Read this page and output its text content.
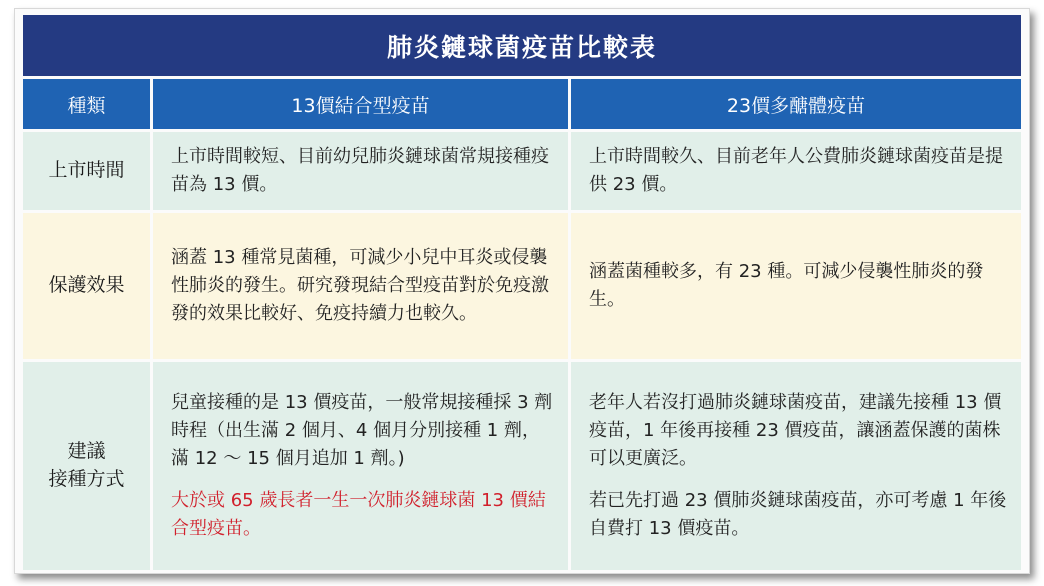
肺炎鏈球菌疫苗比較表
種類	13價結合型疫苗	23價多醣體疫苗
上市時間

上市時間較短、目前幼兒肺炎鏈球菌常規接種疫苗為 13 價。

上市時間較久、目前老年人公費肺炎鏈球菌疫苗是提供 23 價。

保護效果

涵蓋 13 種常見菌種，可減少小兒中耳炎或侵襲性肺炎的發生。研究發現結合型疫苗對於免疫激發的效果比較好、免疫持續力也較久。

涵蓋菌種較多，有 23 種。可減少侵襲性肺炎的發生。

建議
接種方式

兒童接種的是 13 價疫苗，一般常規接種採 3 劑時程（出生滿 2 個月、4 個月分別接種 1 劑，滿 12 ～ 15 個月追加 1 劑。)

大於或 65 歲長者一生一次肺炎鏈球菌 13 價結合型疫苗。

老年人若沒打過肺炎鏈球菌疫苗，建議先接種 13 價疫苗，1 年後再接種 23 價疫苗，讓涵蓋保護的菌株可以更廣泛。

若已先打過 23 價肺炎鏈球菌疫苗，亦可考慮 1 年後自費打 13 價疫苗。
